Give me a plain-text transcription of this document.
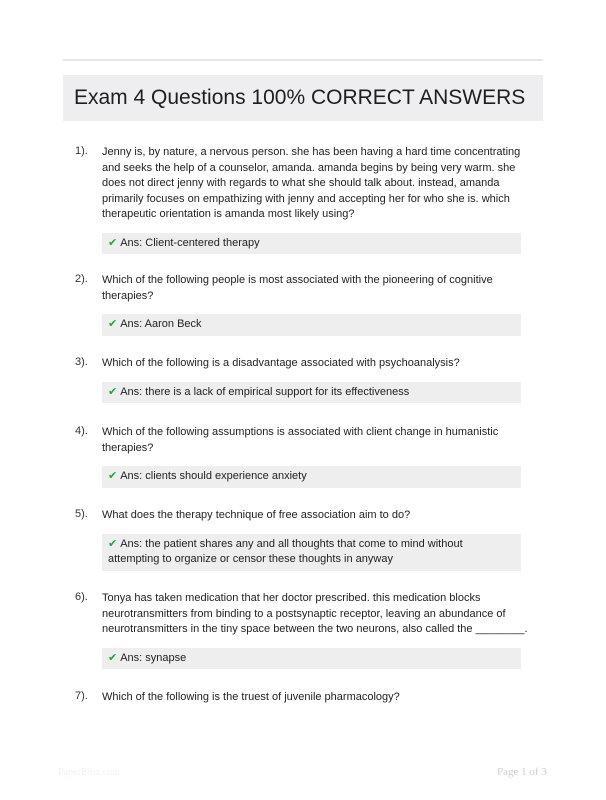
Exam 4 Questions 100% CORRECT ANSWERS
1). Jenny is, by nature, a nervous person. she has been having a hard time concentrating and seeks the help of a counselor, amanda. amanda begins by being very warm. she does not direct jenny with regards to what she should talk about. instead, amanda primarily focuses on empathizing with jenny and accepting her for who she is. which therapeutic orientation is amanda most likely using?
✔ Ans: Client-centered therapy
2). Which of the following people is most associated with the pioneering of cognitive therapies?
✔ Ans: Aaron Beck
3). Which of the following is a disadvantage associated with psychoanalysis?
✔ Ans: there is a lack of empirical support for its effectiveness
4). Which of the following assumptions is associated with client change in humanistic therapies?
✔ Ans: clients should experience anxiety
5). What does the therapy technique of free association aim to do?
✔ Ans: the patient shares any and all thoughts that come to mind without attempting to organize or censor these thoughts in anyway
6). Tonya has taken medication that her doctor prescribed. this medication blocks neurotransmitters from binding to a postsynaptic receptor, leaving an abundance of neurotransmitters in the tiny space between the two neurons, also called the ________.
✔ Ans: synapse
7). Which of the following is the truest of juvenile pharmacology?
PaperBlitz.com	Page 1 of 3
